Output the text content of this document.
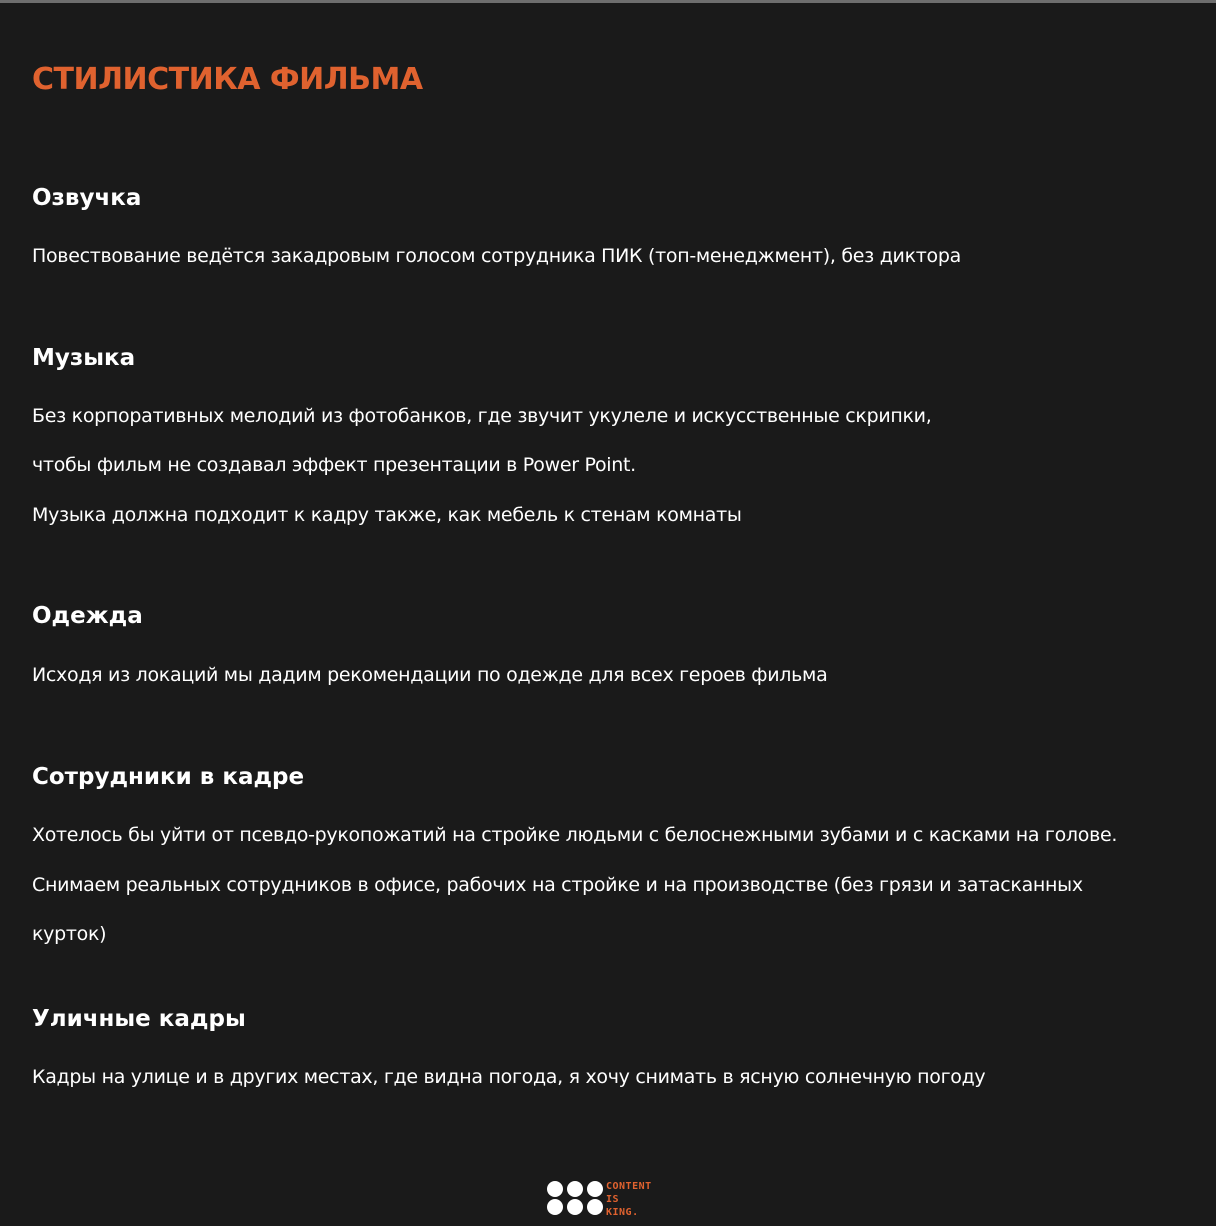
СТИЛИСТИКА ФИЛЬМА
Озвучка

Повествование ведётся закадровым голосом сотрудника ПИК (топ-менеджмент), без диктора

Музыка

Без корпоративных мелодий из фотобанков, где звучит укулеле и искусственные скрипки,

чтобы фильм не создавал эффект презентации в Power Point.

Музыка должна подходит к кадру также, как мебель к стенам комнаты

Одежда

Исходя из локаций мы дадим рекомендации по одежде для всех героев фильма

Сотрудники в кадре

Хотелось бы уйти от псевдо-рукопожатий на стройке людьми с белоснежными зубами и с касками на голове.

Снимаем реальных сотрудников в офисе, рабочих на стройке и на производстве (без грязи и затасканных

курток)

Уличные кадры

Кадры на улице и в других местах, где видна погода, я хочу снимать в ясную солнечную погоду

CONTENT
IS
KING.
